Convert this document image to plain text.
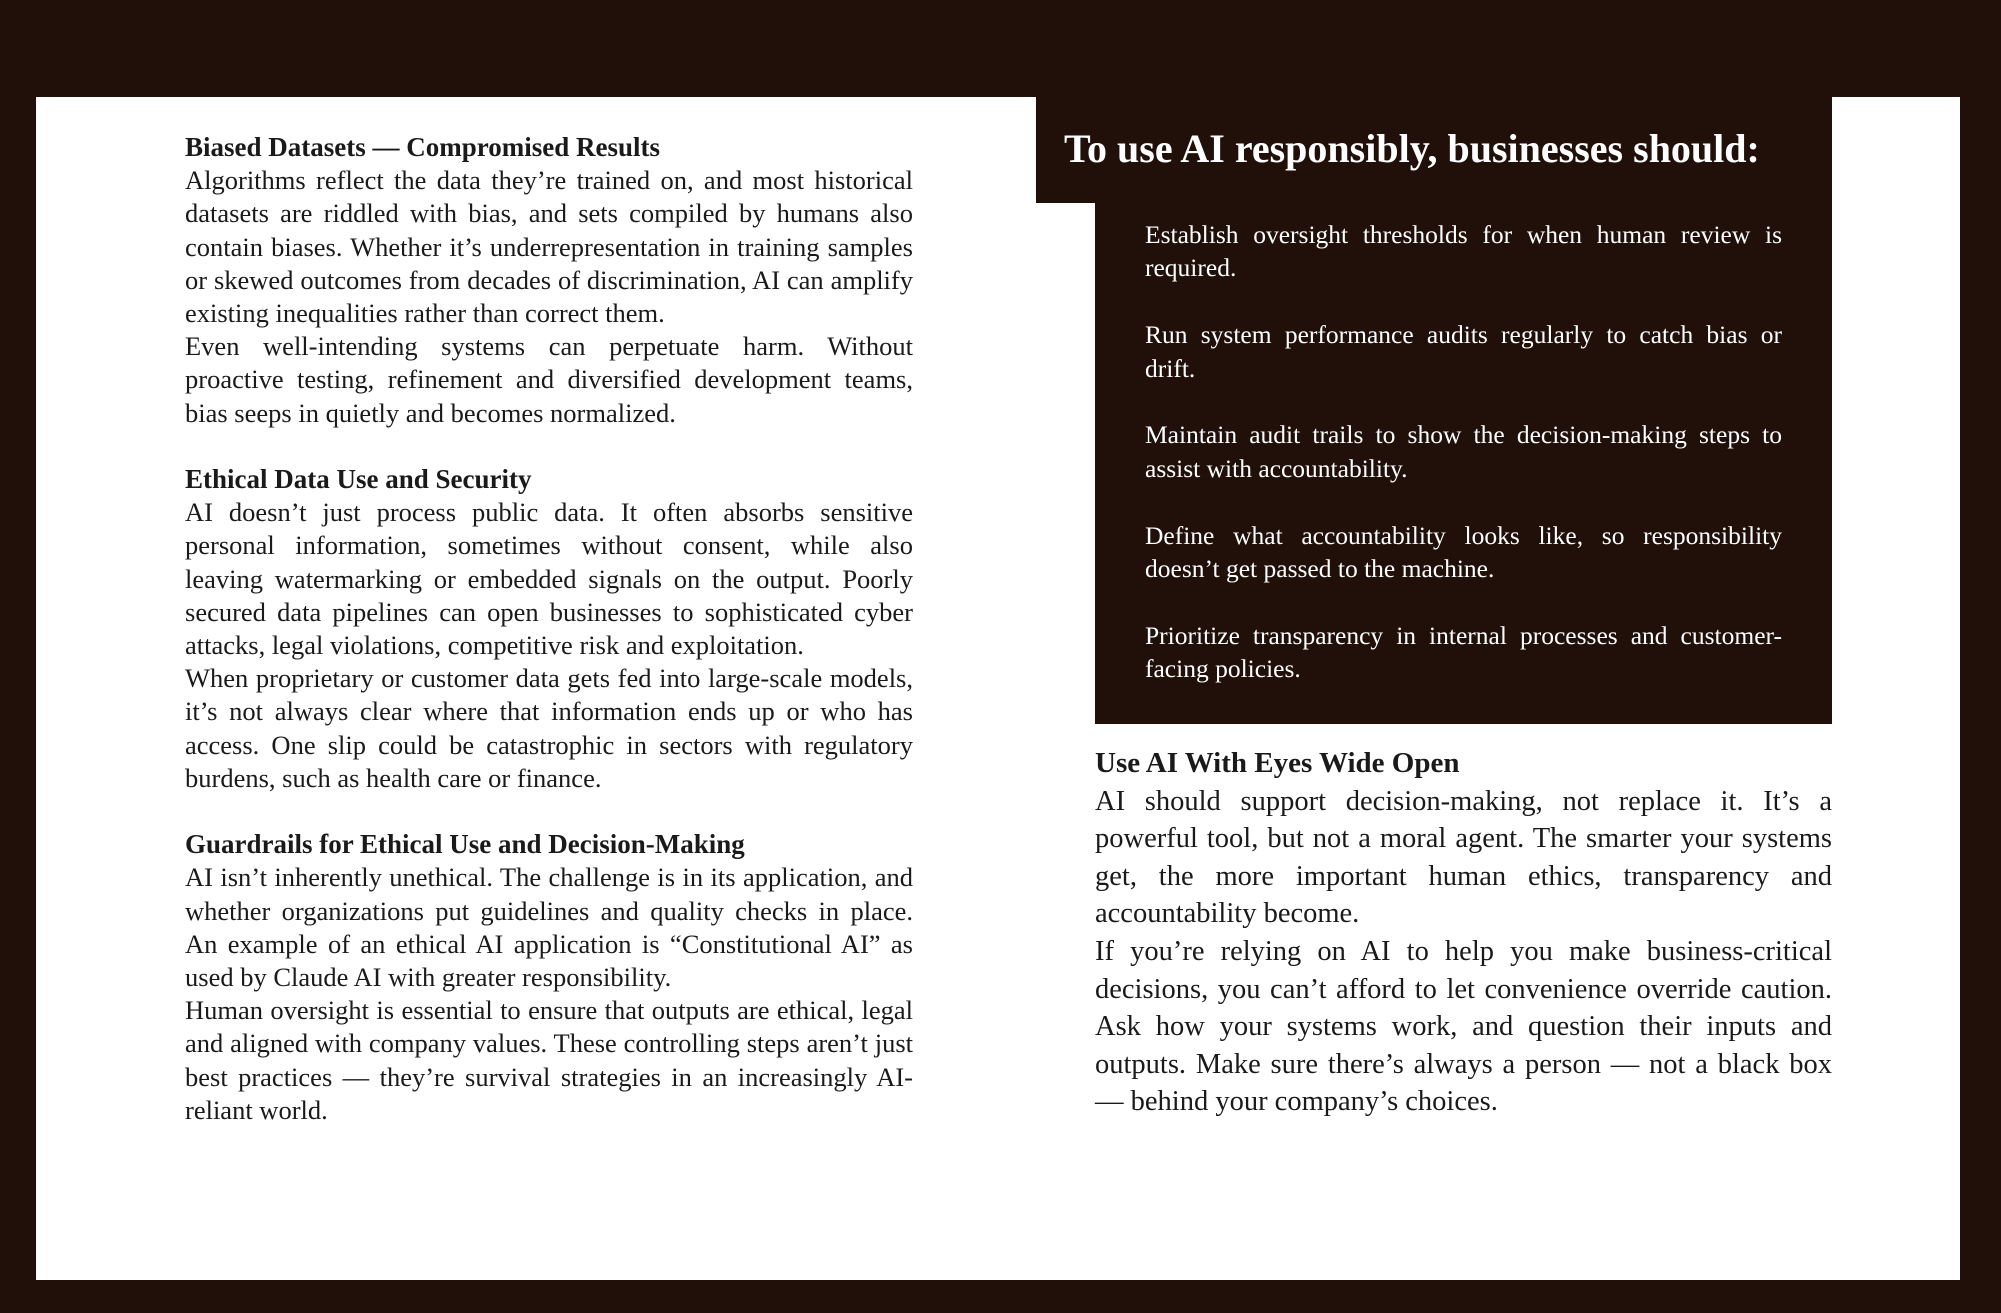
Biased Datasets — Compromised Results

Algorithms reflect the data they’re trained on, and most historical datasets are riddled with bias, and sets compiled by humans also contain biases. Whether it’s underrepresentation in training samples or skewed outcomes from decades of discrimination, AI can amplify existing inequalities rather than correct them.

Even well-intending systems can perpetuate harm. Without proactive testing, refinement and diversified development teams, bias seeps in quietly and becomes normalized.

Ethical Data Use and Security

AI doesn’t just process public data. It often absorbs sensitive personal information, sometimes without consent, while also leaving watermarking or embedded signals on the output. Poorly secured data pipelines can open businesses to sophisticated cyber attacks, legal violations, competitive risk and exploitation.

When proprietary or customer data gets fed into large-scale models, it’s not always clear where that information ends up or who has access. One slip could be catastrophic in sectors with regulatory burdens, such as health care or finance.

Guardrails for Ethical Use and Decision-Making

AI isn’t inherently unethical. The challenge is in its application, and whether organizations put guidelines and quality checks in place. An example of an ethical AI application is “Constitutional AI” as used by Claude AI with greater responsibility.

Human oversight is essential to ensure that outputs are ethical, legal and aligned with company values. These controlling steps aren’t just best practices — they’re survival strategies in an increasingly AI-reliant world.

To use AI responsibly, businesses should:
Establish oversight thresholds for when human review is required.
Run system performance audits regularly to catch bias or drift.
Maintain audit trails to show the decision-making steps to assist with accountability.
Define what accountability looks like, so responsibility doesn’t get passed to the machine.
Prioritize transparency in internal processes and customer-facing policies.
Use AI With Eyes Wide Open

AI should support decision-making, not replace it. It’s a powerful tool, but not a moral agent. The smarter your systems get, the more important human ethics, transparency and accountability become.

If you’re relying on AI to help you make business-critical decisions, you can’t afford to let convenience override caution. Ask how your systems work, and question their inputs and outputs. Make sure there’s always a person — not a black box — behind your company’s choices.
